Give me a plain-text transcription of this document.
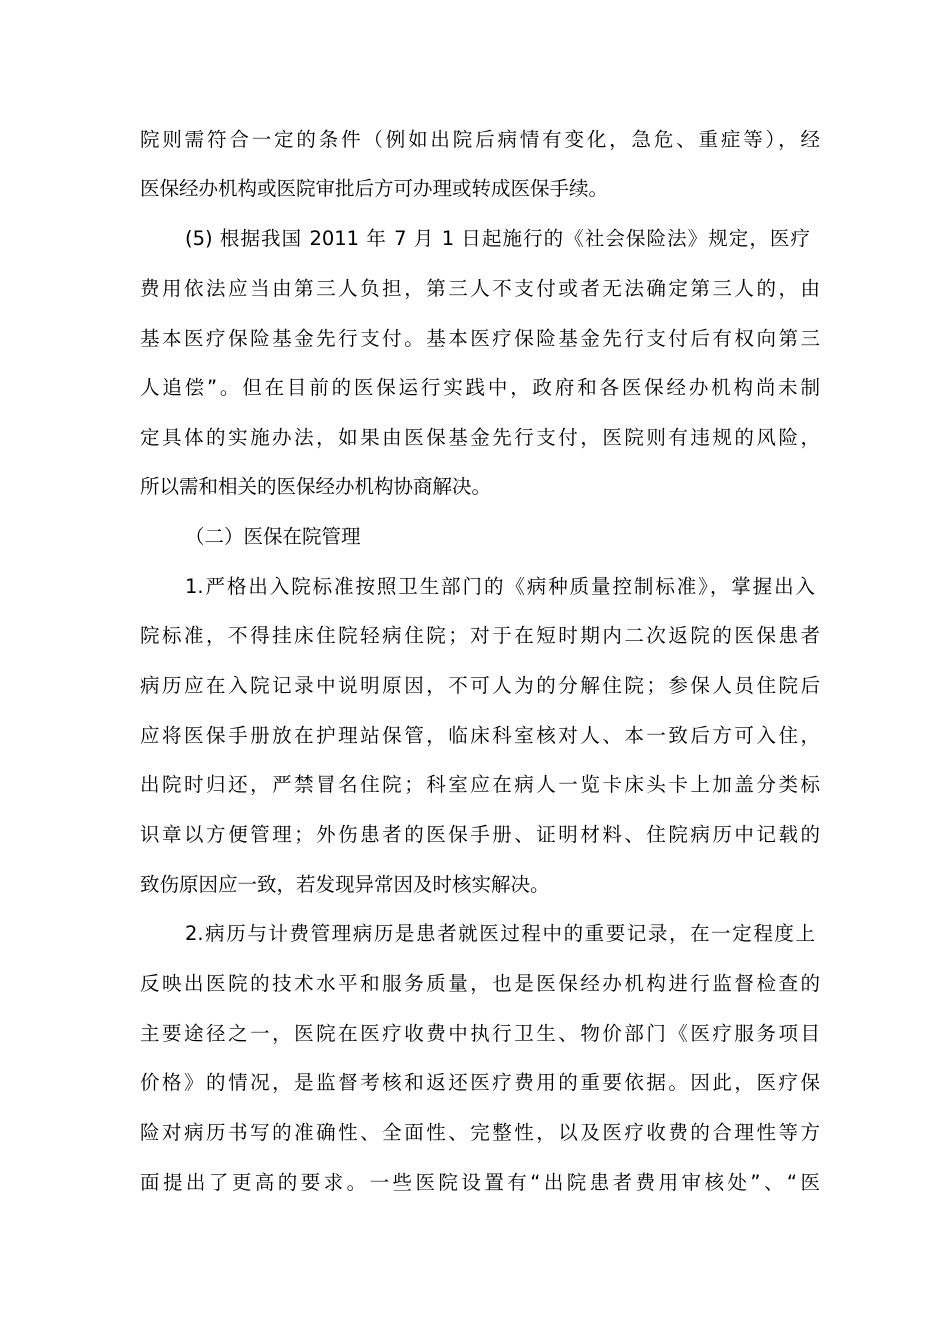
院则需符合一定的条件（例如出院后病情有变化，急危、重症等），经
医保经办机构或医院审批后方可办理或转成医保手续。
(5) 根据我国 2011 年 7 月 1 日起施行的《社会保险法》规定，医疗
费用依法应当由第三人负担，第三人不支付或者无法确定第三人的，由
基本医疗保险基金先行支付。基本医疗保险基金先行支付后有权向第三
人追偿”。但在目前的医保运行实践中，政府和各医保经办机构尚未制
定具体的实施办法，如果由医保基金先行支付，医院则有违规的风险，
所以需和相关的医保经办机构协商解决。
（二）医保在院管理
1.严格出入院标准按照卫生部门的《病种质量控制标准》，掌握出入
院标准，不得挂床住院轻病住院；对于在短时期内二次返院的医保患者
病历应在入院记录中说明原因，不可人为的分解住院；参保人员住院后
应将医保手册放在护理站保管，临床科室核对人、本一致后方可入住，
出院时归还，严禁冒名住院；科室应在病人一览卡床头卡上加盖分类标
识章以方便管理；外伤患者的医保手册、证明材料、住院病历中记载的
致伤原因应一致，若发现异常因及时核实解决。
2.病历与计费管理病历是患者就医过程中的重要记录，在一定程度上
反映出医院的技术水平和服务质量，也是医保经办机构进行监督检查的
主要途径之一，医院在医疗收费中执行卫生、物价部门《医疗服务项目
价格》的情况，是监督考核和返还医疗费用的重要依据。因此，医疗保
险对病历书写的准确性、全面性、完整性，以及医疗收费的合理性等方
面提出了更高的要求。一些医院设置有“出院患者费用审核处”、“医
